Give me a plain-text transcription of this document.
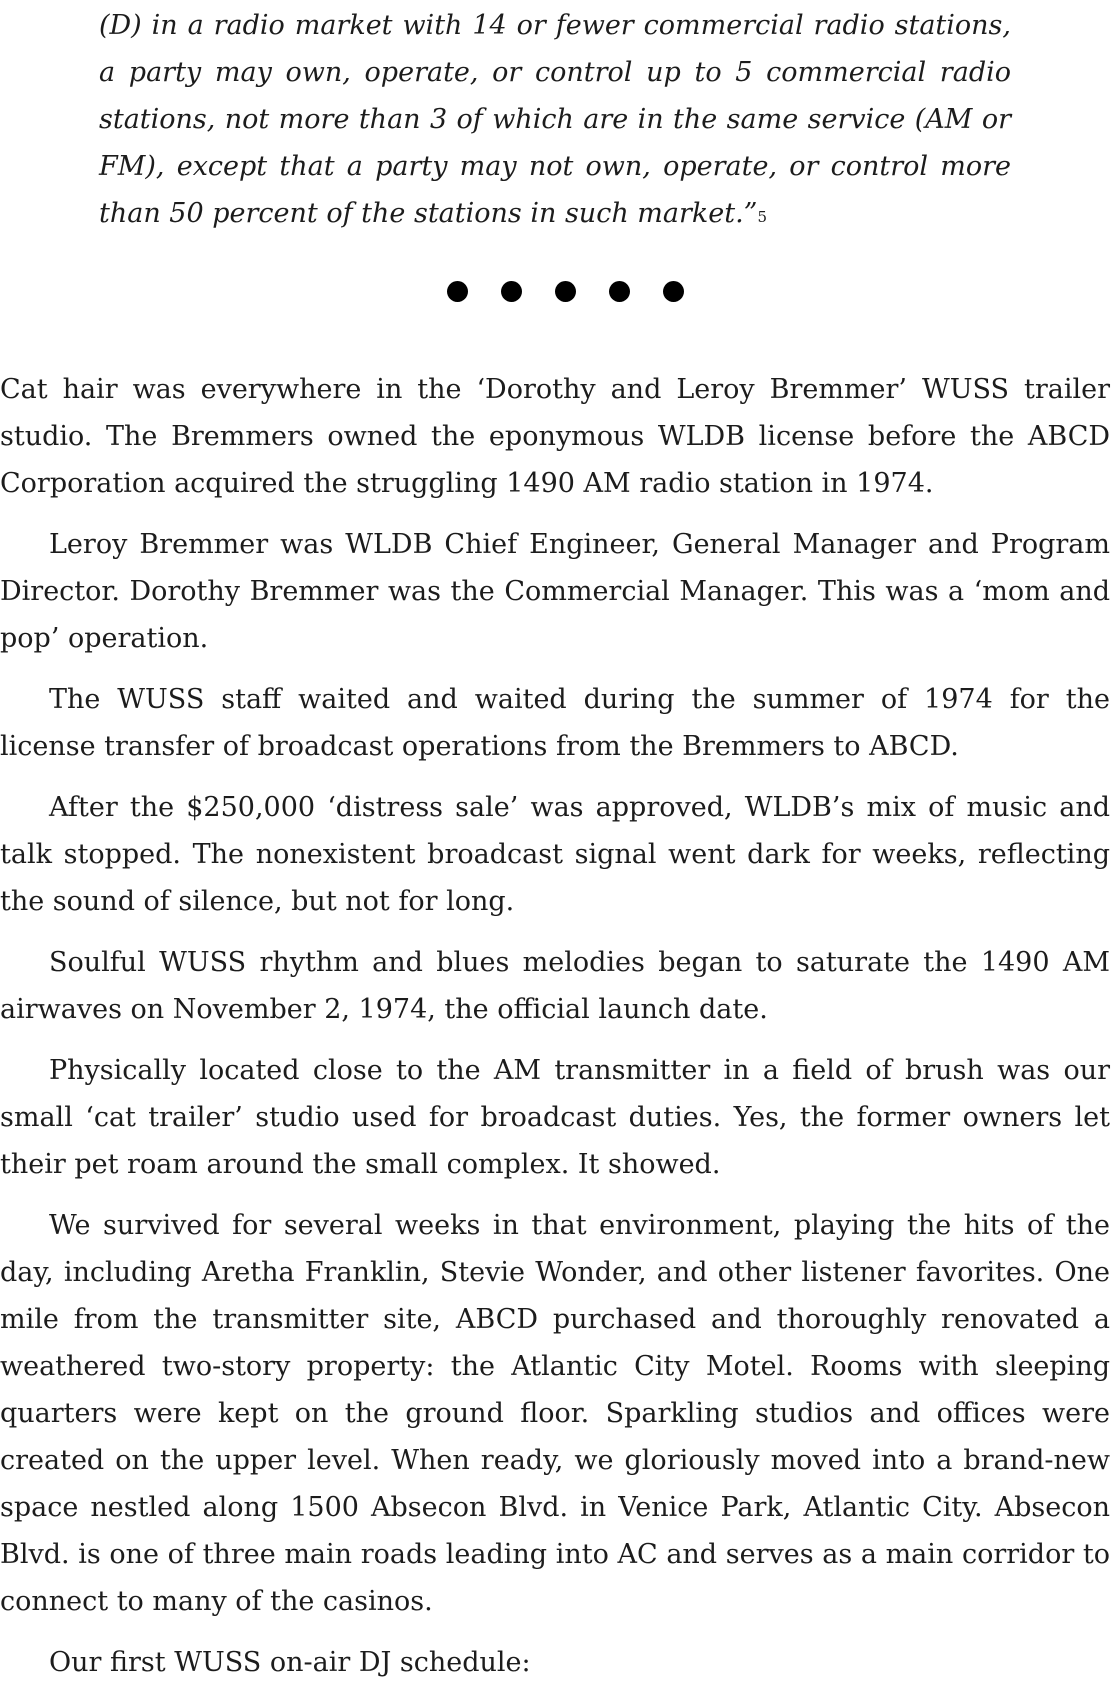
(D) in a radio market with 14 or fewer commercial radio stations, a party may own, operate, or control up to 5 commercial radio stations, not more than 3 of which are in the same service (AM or FM), except that a party may not own, operate, or control more than 50 percent of the stations in such market.”$^5$

Cat hair was everywhere in the ‘Dorothy and Leroy Bremmer’ WUSS trailer studio. The Bremmers owned the eponymous WLDB license before the ABCD Corporation acquired the struggling 1490 AM radio station in 1974.

Leroy Bremmer was WLDB Chief Engineer, General Manager and Program Director. Dorothy Bremmer was the Commercial Manager. This was a ‘mom and pop’ operation.

The WUSS staff waited and waited during the summer of 1974 for the license transfer of broadcast operations from the Bremmers to ABCD.

After the $250,000 ‘distress sale’ was approved, WLDB’s mix of music and talk stopped. The nonexistent broadcast signal went dark for weeks, reflecting the sound of silence, but not for long.

Soulful WUSS rhythm and blues melodies began to saturate the 1490 AM airwaves on November 2, 1974, the official launch date.

Physically located close to the AM transmitter in a field of brush was our small ‘cat trailer’ studio used for broadcast duties. Yes, the former owners let their pet roam around the small complex. It showed.

We survived for several weeks in that environment, playing the hits of the day, including Aretha Franklin, Stevie Wonder, and other listener favorites. One mile from the transmitter site, ABCD purchased and thoroughly renovated a weathered two-story property: the Atlantic City Motel. Rooms with sleeping quarters were kept on the ground floor. Sparkling studios and offices were created on the upper level. When ready, we gloriously moved into a brand-new space nestled along 1500 Absecon Blvd. in Venice Park, Atlantic City. Absecon Blvd. is one of three main roads leading into AC and serves as a main corridor to connect to many of the casinos.

Our first WUSS on-air DJ schedule:
